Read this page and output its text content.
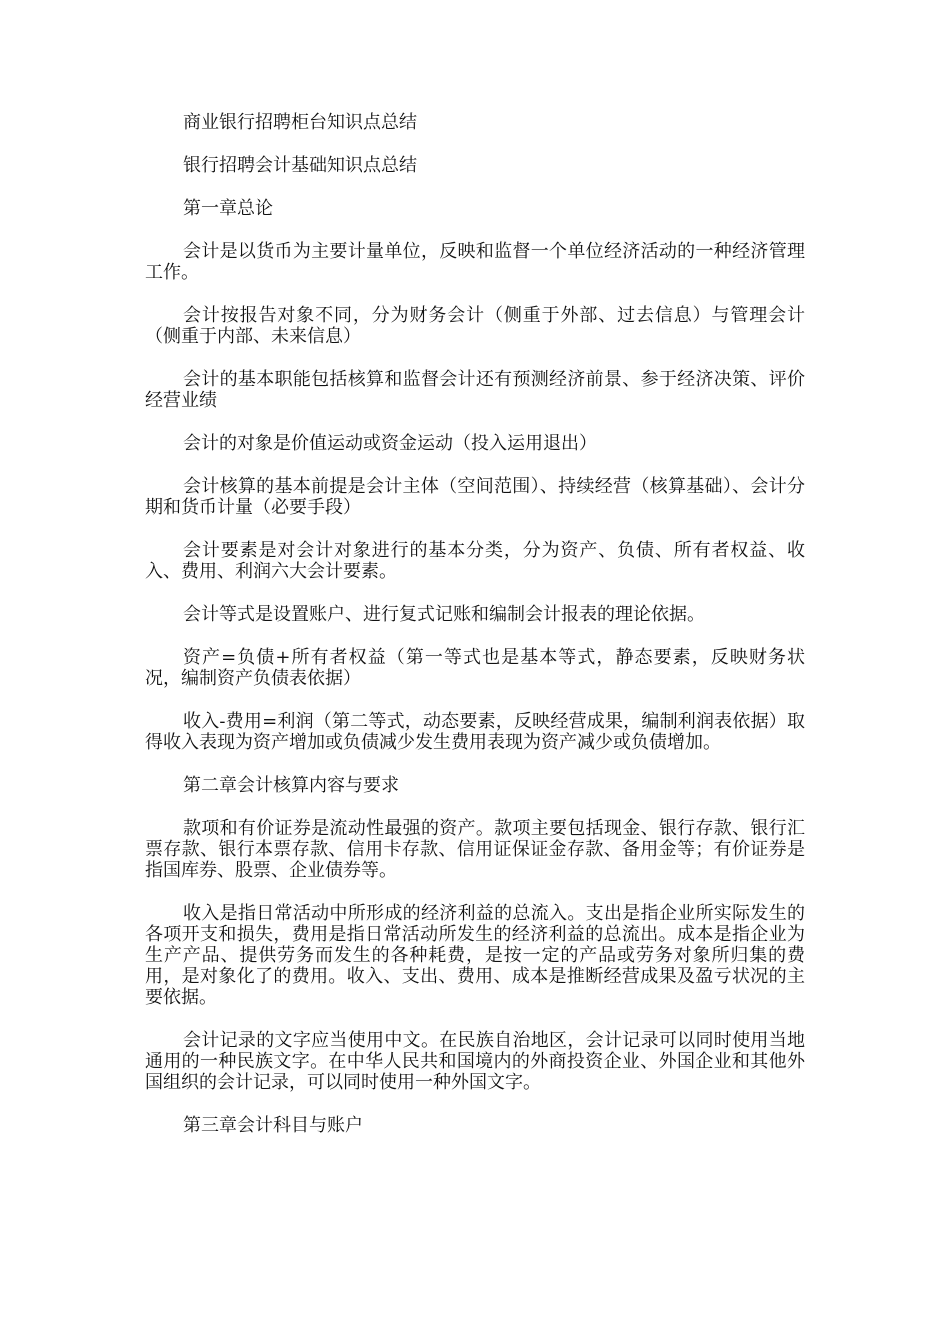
商业银行招聘柜台知识点总结

银行招聘会计基础知识点总结

第一章总论

会计是以货币为主要计量单位，反映和监督一个单位经济活动的一种经济管理工作。

会计按报告对象不同，分为财务会计（侧重于外部、过去信息）与管理会计（侧重于内部、未来信息）

会计的基本职能包括核算和监督会计还有预测经济前景、参于经济决策、评价经营业绩

会计的对象是价值运动或资金运动（投入运用退出）

会计核算的基本前提是会计主体（空间范围）、持续经营（核算基础）、会计分期和货币计量（必要手段）

会计要素是对会计对象进行的基本分类，分为资产、负债、所有者权益、收入、费用、利润六大会计要素。

会计等式是设置账户、进行复式记账和编制会计报表的理论依据。

资产=负债+所有者权益（第一等式也是基本等式，静态要素，反映财务状况，编制资产负债表依据）

收入-费用=利润（第二等式，动态要素，反映经营成果，编制利润表依据）取得收入表现为资产增加或负债减少发生费用表现为资产减少或负债增加。

第二章会计核算内容与要求

款项和有价证券是流动性最强的资产。款项主要包括现金、银行存款、银行汇票存款、银行本票存款、信用卡存款、信用证保证金存款、备用金等；有价证券是指国库券、股票、企业债券等。

收入是指日常活动中所形成的经济利益的总流入。支出是指企业所实际发生的各项开支和损失，费用是指日常活动所发生的经济利益的总流出。成本是指企业为生产产品、提供劳务而发生的各种耗费，是按一定的产品或劳务对象所归集的费用，是对象化了的费用。收入、支出、费用、成本是推断经营成果及盈亏状况的主要依据。

会计记录的文字应当使用中文。在民族自治地区，会计记录可以同时使用当地通用的一种民族文字。在中华人民共和国境内的外商投资企业、外国企业和其他外国组织的会计记录，可以同时使用一种外国文字。

第三章会计科目与账户
